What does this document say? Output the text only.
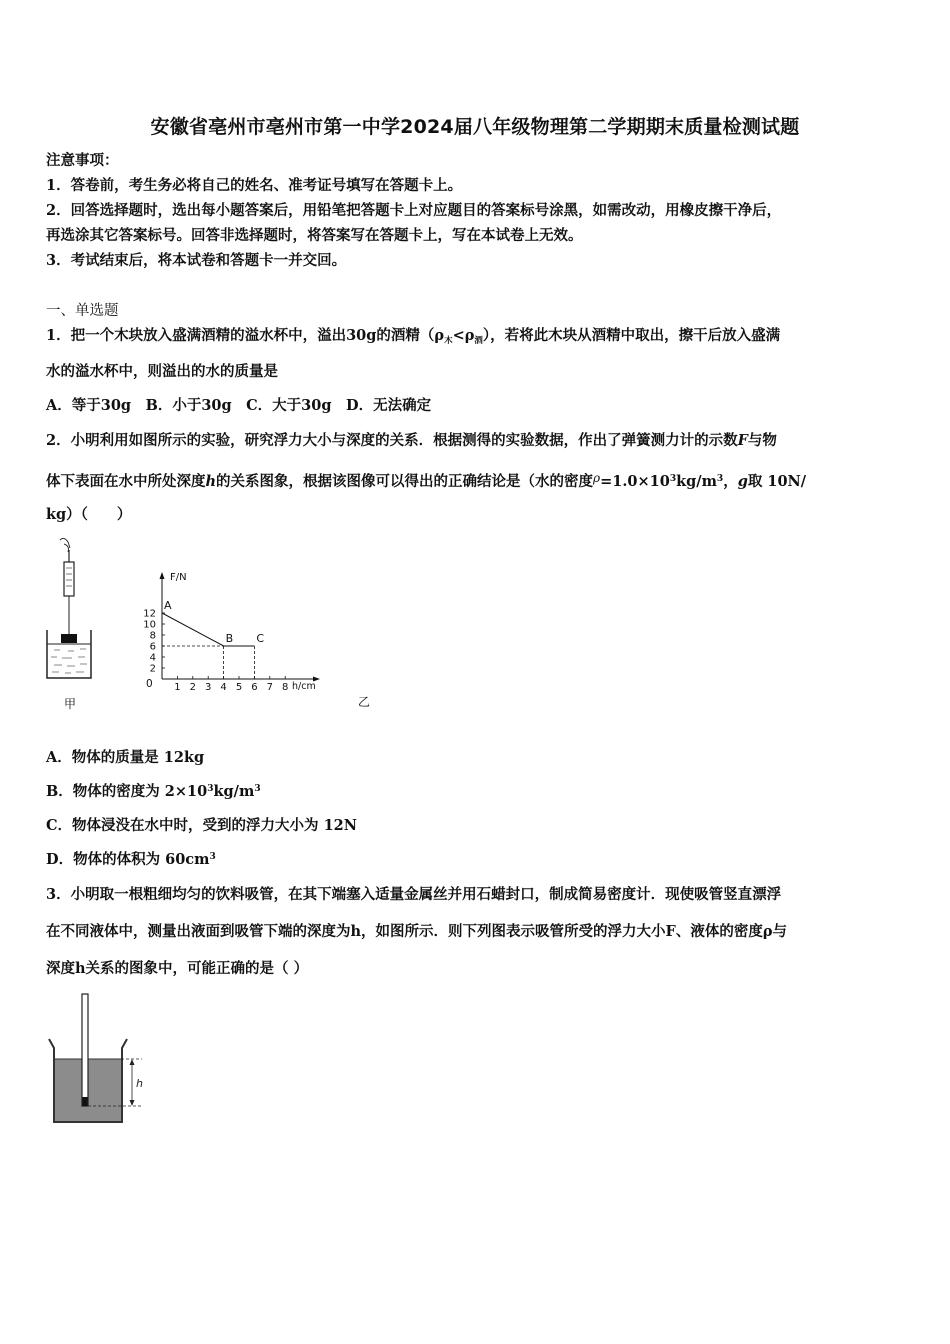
安徽省亳州市亳州市第一中学2024届八年级物理第二学期期末质量检测试题
注意事项：
1．答卷前，考生务必将自己的姓名、准考证号填写在答题卡上。
2．回答选择题时，选出每小题答案后，用铅笔把答题卡上对应题目的答案标号涂黑，如需改动，用橡皮擦干净后，
再选涂其它答案标号。回答非选择题时，将答案写在答题卡上，写在本试卷上无效。
3．考试结束后，将本试卷和答题卡一并交回。
一、单选题
1．把一个木块放入盛满酒精的溢水杯中，溢出30g的酒精$(\rho_木<\rho_酒)$，若将此木块从酒精中取出，擦干后放入盛满
水的溢水杯中，则溢出的水的质量是
A．等于30g　B．小于30g　C．大于30g　D．无法确定
2．小明利用如图所示的实验，研究浮力大小与深度的关系．根据测得的实验数据，作出了弹簧测力计的示数F与物
体下表面在水中所处深度h的关系图象，根据该图像可以得出的正确结论是（水的密度$^\rho=1.0\times 10^3kg/m^3$，g取 10N/
kg）（　　）
甲
F/N
h/cm
0 1 2 3 4 5 6 7 8
2
4
6
8
10
12
A
B C
乙
A．物体的质量是 12kg
B．物体的密度为 $2\times 10^3kg/m^3$
C．物体浸没在水中时，受到的浮力大小为 12N
D．物体的体积为 $60cm^3$
3．小明取一根粗细均匀的饮料吸管，在其下端塞入适量金属丝并用石蜡封口，制成简易密度计．现使吸管竖直漂浮
在不同液体中，测量出液面到吸管下端的深度为h，如图所示．则下列图表示吸管所受的浮力大小F、液体的密度ρ与
深度h关系的图象中，可能正确的是（ ）
h
